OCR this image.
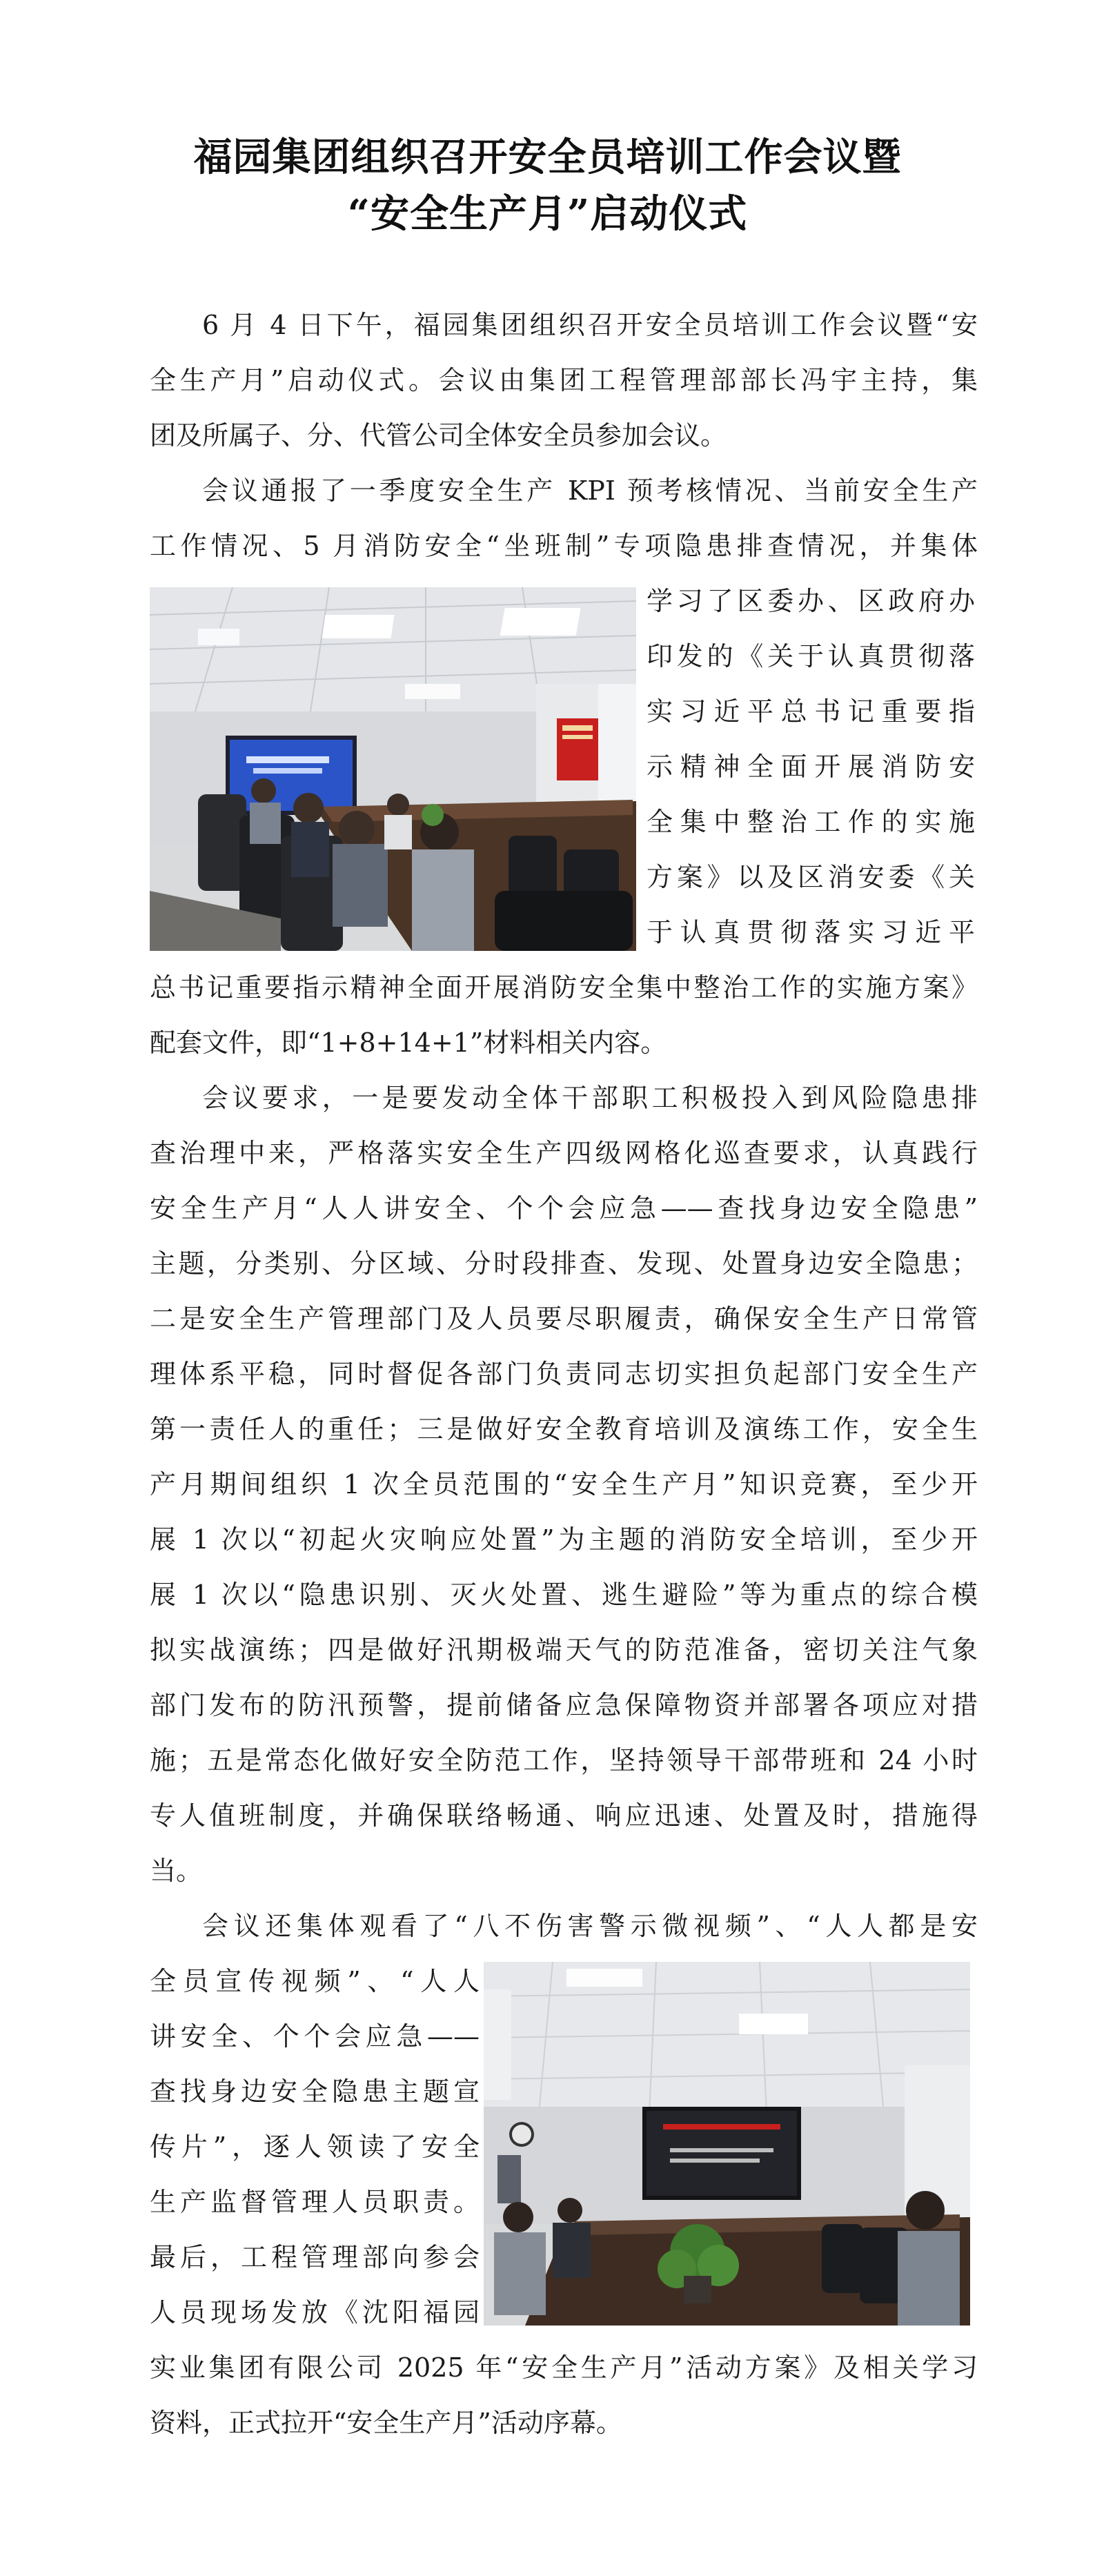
福园集团组织召开安全员培训工作会议暨
“安全生产月”启动仪式
6 月 4 日下午，福园集团组织召开安全员培训工作会议暨“安
全生产月”启动仪式。会议由集团工程管理部部长冯宇主持，集
团及所属子、分、代管公司全体安全员参加会议。
会议通报了一季度安全生产 KPI 预考核情况、当前安全生产
工作情况、5 月消防安全“坐班制”专项隐患排查情况，并集体
学习了区委办、区政府办
印发的《关于认真贯彻落
实习近平总书记重要指
示精神全面开展消防安
全集中整治工作的实施
方案》以及区消安委《关
于认真贯彻落实习近平
总书记重要指示精神全面开展消防安全集中整治工作的实施方案》
配套文件，即“1+8+14+1”材料相关内容。
会议要求，一是要发动全体干部职工积极投入到风险隐患排
查治理中来，严格落实安全生产四级网格化巡查要求，认真践行
安全生产月“人人讲安全、个个会应急——查找身边安全隐患”
主题，分类别、分区域、分时段排查、发现、处置身边安全隐患；
二是安全生产管理部门及人员要尽职履责，确保安全生产日常管
理体系平稳，同时督促各部门负责同志切实担负起部门安全生产
第一责任人的重任；三是做好安全教育培训及演练工作，安全生
产月期间组织 1 次全员范围的“安全生产月”知识竞赛，至少开
展 1 次以“初起火灾响应处置”为主题的消防安全培训，至少开
展 1 次以“隐患识别、灭火处置、逃生避险”等为重点的综合模
拟实战演练；四是做好汛期极端天气的防范准备，密切关注气象
部门发布的防汛预警，提前储备应急保障物资并部署各项应对措
施；五是常态化做好安全防范工作，坚持领导干部带班和 24 小时
专人值班制度，并确保联络畅通、响应迅速、处置及时，措施得
当。
会议还集体观看了“八不伤害警示微视频”、“人人都是安
全员宣传视频”、“人人
讲安全、个个会应急——
查找身边安全隐患主题宣
传片”，逐人领读了安全
生产监督管理人员职责。
最后，工程管理部向参会
人员现场发放《沈阳福园
实业集团有限公司 2025 年“安全生产月”活动方案》及相关学习
资料，正式拉开“安全生产月”活动序幕。
